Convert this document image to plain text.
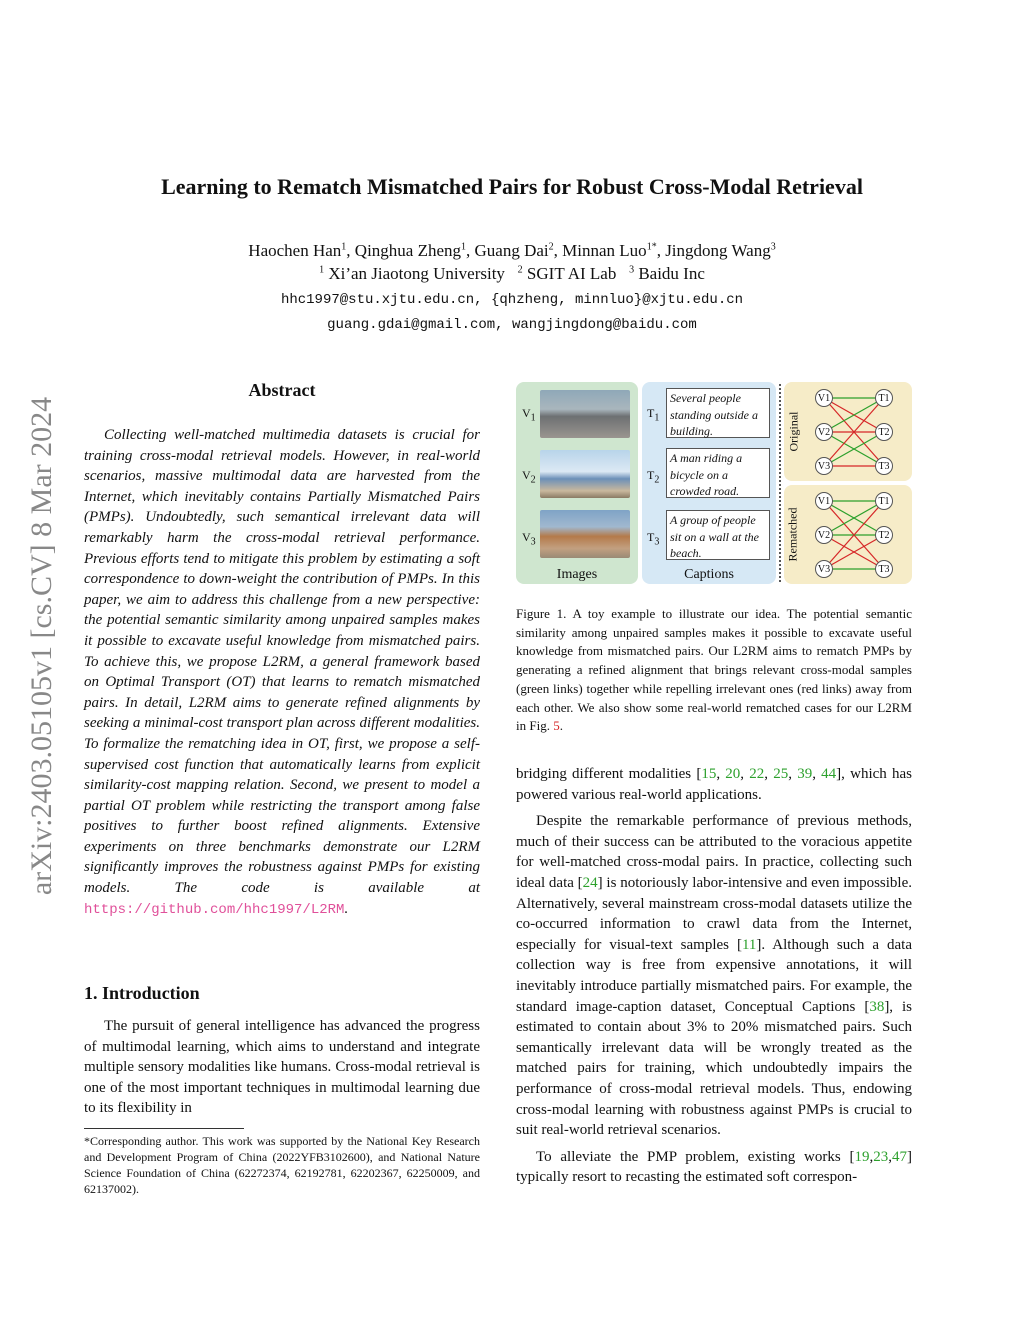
Learning to Rematch Mismatched Pairs for Robust Cross-Modal Retrieval
Haochen Han$^1$, Qinghua Zheng$^1$, Guang Dai$^2$, Minnan Luo$^{1*}$, Jingdong Wang$^3$
$^1$ Xi’an Jiaotong University $^2$ SGIT AI Lab $^3$ Baidu Inc
hhc1997@stu.xjtu.edu.cn, {qhzheng, minnluo}@xjtu.edu.cn
guang.gdai@gmail.com, wangjingdong@baidu.com
arXiv:2403.05105v1 [cs.CV] 8 Mar 2024
Abstract
Collecting well-matched multimedia datasets is crucial for training cross-modal retrieval models. However, in real-world scenarios, massive multimodal data are harvested from the Internet, which inevitably contains Partially Mismatched Pairs (PMPs). Undoubtedly, such semantical irrelevant data will remarkably harm the cross-modal retrieval performance. Previous efforts tend to mitigate this problem by estimating a soft correspondence to down-weight the contribution of PMPs. In this paper, we aim to address this challenge from a new perspective: the potential semantic similarity among unpaired samples makes it possible to excavate useful knowledge from mismatched pairs. To achieve this, we propose L2RM, a general framework based on Optimal Transport (OT) that learns to rematch mismatched pairs. In detail, L2RM aims to generate refined alignments by seeking a minimal-cost transport plan across different modalities. To formalize the rematching idea in OT, first, we propose a self-supervised cost function that automatically learns from explicit similarity-cost mapping relation. Second, we present to model a partial OT problem while restricting the transport among false positives to further boost refined alignments. Extensive experiments on three benchmarks demonstrate our L2RM significantly improves the robustness against PMPs for existing models. The code is available at https://github.com/hhc1997/L2RM.
1. Introduction

The pursuit of general intelligence has advanced the progress of multimodal learning, which aims to understand and integrate multiple sensory modalities like humans. Cross-modal retrieval is one of the most important techniques in multimodal learning due to its flexibility in

*Corresponding author. This work was supported by the National Key Research and Development Program of China (2022YFB3102600), and National Nature Science Foundation of China (62272374, 62192781, 62202367, 62250009, and 62137002).
$V_1$
$V_2$
$V_3$
Images
$T_1$
$T_2$
$T_3$
Several people standing outside a building.
A man riding a bicycle on a crowded road.
A group of people sit on a wall at the beach.
Captions
Original
V1
V2
V3
T1
T2
T3
Rematched
V1
V2
V3
T1
T2
T3
Figure 1. A toy example to illustrate our idea. The potential semantic similarity among unpaired samples makes it possible to excavate useful knowledge from mismatched pairs. Our L2RM aims to rematch PMPs by generating a refined alignment that brings relevant cross-modal samples (green links) together while repelling irrelevant ones (red links) away from each other. We also show some real-world rematched cases for our L2RM in Fig. 5.

bridging different modalities [15, 20, 22, 25, 39, 44], which has powered various real-world applications.

Despite the remarkable performance of previous methods, much of their success can be attributed to the voracious appetite for well-matched cross-modal pairs. In practice, collecting such ideal data [24] is notoriously labor-intensive and even impossible. Alternatively, several mainstream cross-modal datasets utilize the co-occurred information to crawl data from the Internet, especially for visual-text samples [11]. Although such a data collection way is free from expensive annotations, it will inevitably introduce partially mismatched pairs. For example, the standard image-caption dataset, Conceptual Captions [38], is estimated to contain about 3% to 20% mismatched pairs. Such semantically irrelevant data will be wrongly treated as the matched pairs for training, which undoubtedly impairs the performance of cross-modal retrieval models. Thus, endowing cross-modal learning with robustness against PMPs is crucial to suit real-world retrieval scenarios.

To alleviate the PMP problem, existing works [19,23,47] typically resort to recasting the estimated soft correspon-
